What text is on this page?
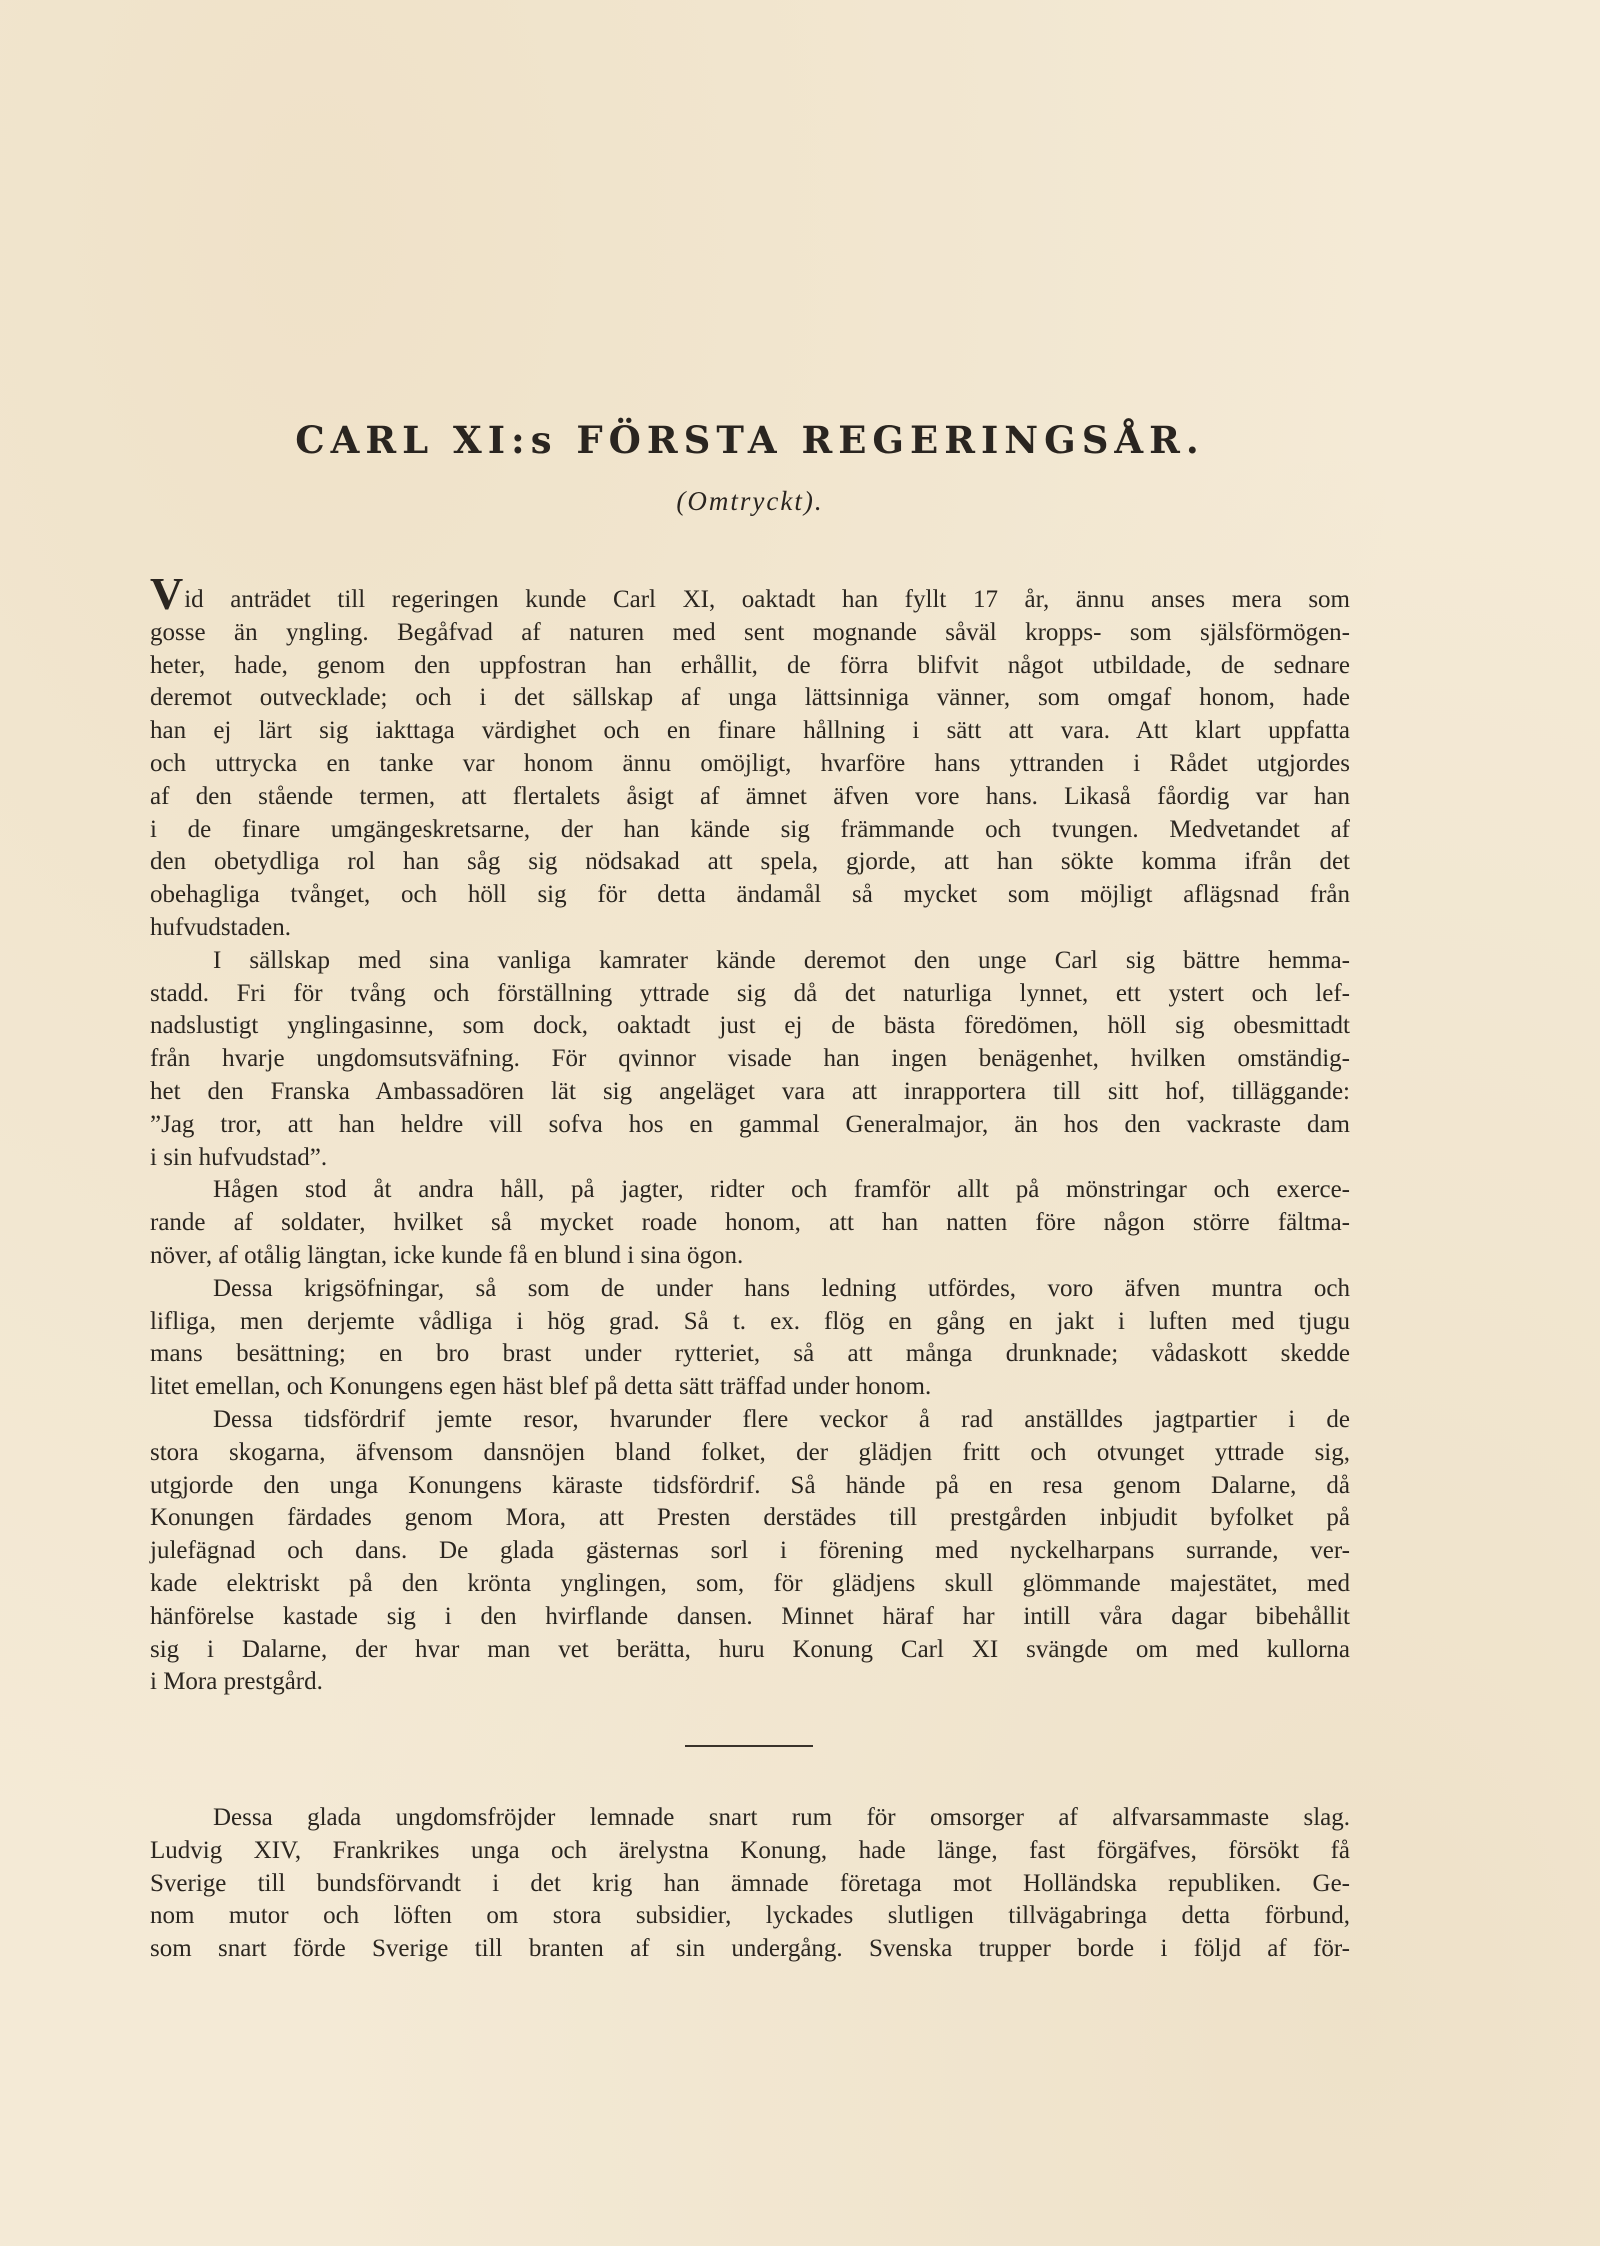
CARL XI:s FÖRSTA REGERINGSÅR.
(Omtryckt).
Vid anträdet till regeringen kunde Carl XI, oaktadt han fyllt 17 år, ännu anses mera som
gosse än yngling. Begåfvad af naturen med sent mognande såväl kropps- som själsförmögen-
heter, hade, genom den uppfostran han erhållit, de förra blifvit något utbildade, de sednare
deremot outvecklade; och i det sällskap af unga lättsinniga vänner, som omgaf honom, hade
han ej lärt sig iakttaga värdighet och en finare hållning i sätt att vara. Att klart uppfatta
och uttrycka en tanke var honom ännu omöjligt, hvarföre hans yttranden i Rådet utgjordes
af den stående termen, att flertalets åsigt af ämnet äfven vore hans. Likaså fåordig var han
i de finare umgängeskretsarne, der han kände sig främmande och tvungen. Medvetandet af
den obetydliga rol han såg sig nödsakad att spela, gjorde, att han sökte komma ifrån det
obehagliga tvånget, och höll sig för detta ändamål så mycket som möjligt aflägsnad från
hufvudstaden.
I sällskap med sina vanliga kamrater kände deremot den unge Carl sig bättre hemma-
stadd. Fri för tvång och förställning yttrade sig då det naturliga lynnet, ett ystert och lef-
nadslustigt ynglingasinne, som dock, oaktadt just ej de bästa föredömen, höll sig obesmittadt
från hvarje ungdomsutsväfning. För qvinnor visade han ingen benägenhet, hvilken omständig-
het den Franska Ambassadören lät sig angeläget vara att inrapportera till sitt hof, tilläggande:
”Jag tror, att han heldre vill sofva hos en gammal Generalmajor, än hos den vackraste dam
i sin hufvudstad”.
Hågen stod åt andra håll, på jagter, ridter och framför allt på mönstringar och exerce-
rande af soldater, hvilket så mycket roade honom, att han natten före någon större fältma-
növer, af otålig längtan, icke kunde få en blund i sina ögon.
Dessa krigsöfningar, så som de under hans ledning utfördes, voro äfven muntra och
lifliga, men derjemte vådliga i hög grad. Så t. ex. flög en gång en jakt i luften med tjugu
mans besättning; en bro brast under rytteriet, så att många drunknade; vådaskott skedde
litet emellan, och Konungens egen häst blef på detta sätt träffad under honom.
Dessa tidsfördrif jemte resor, hvarunder flere veckor å rad anställdes jagtpartier i de
stora skogarna, äfvensom dansnöjen bland folket, der glädjen fritt och otvunget yttrade sig,
utgjorde den unga Konungens käraste tidsfördrif. Så hände på en resa genom Dalarne, då
Konungen färdades genom Mora, att Presten derstädes till prestgården inbjudit byfolket på
julefägnad och dans. De glada gästernas sorl i förening med nyckelharpans surrande, ver-
kade elektriskt på den krönta ynglingen, som, för glädjens skull glömmande majestätet, med
hänförelse kastade sig i den hvirflande dansen. Minnet häraf har intill våra dagar bibehållit
sig i Dalarne, der hvar man vet berätta, huru Konung Carl XI svängde om med kullorna
i Mora prestgård.
Dessa glada ungdomsfröjder lemnade snart rum för omsorger af alfvarsammaste slag.
Ludvig XIV, Frankrikes unga och ärelystna Konung, hade länge, fast förgäfves, försökt få
Sverige till bundsförvandt i det krig han ämnade företaga mot Holländska republiken. Ge-
nom mutor och löften om stora subsidier, lyckades slutligen tillvägabringa detta förbund,
som snart förde Sverige till branten af sin undergång. Svenska trupper borde i följd af för-
